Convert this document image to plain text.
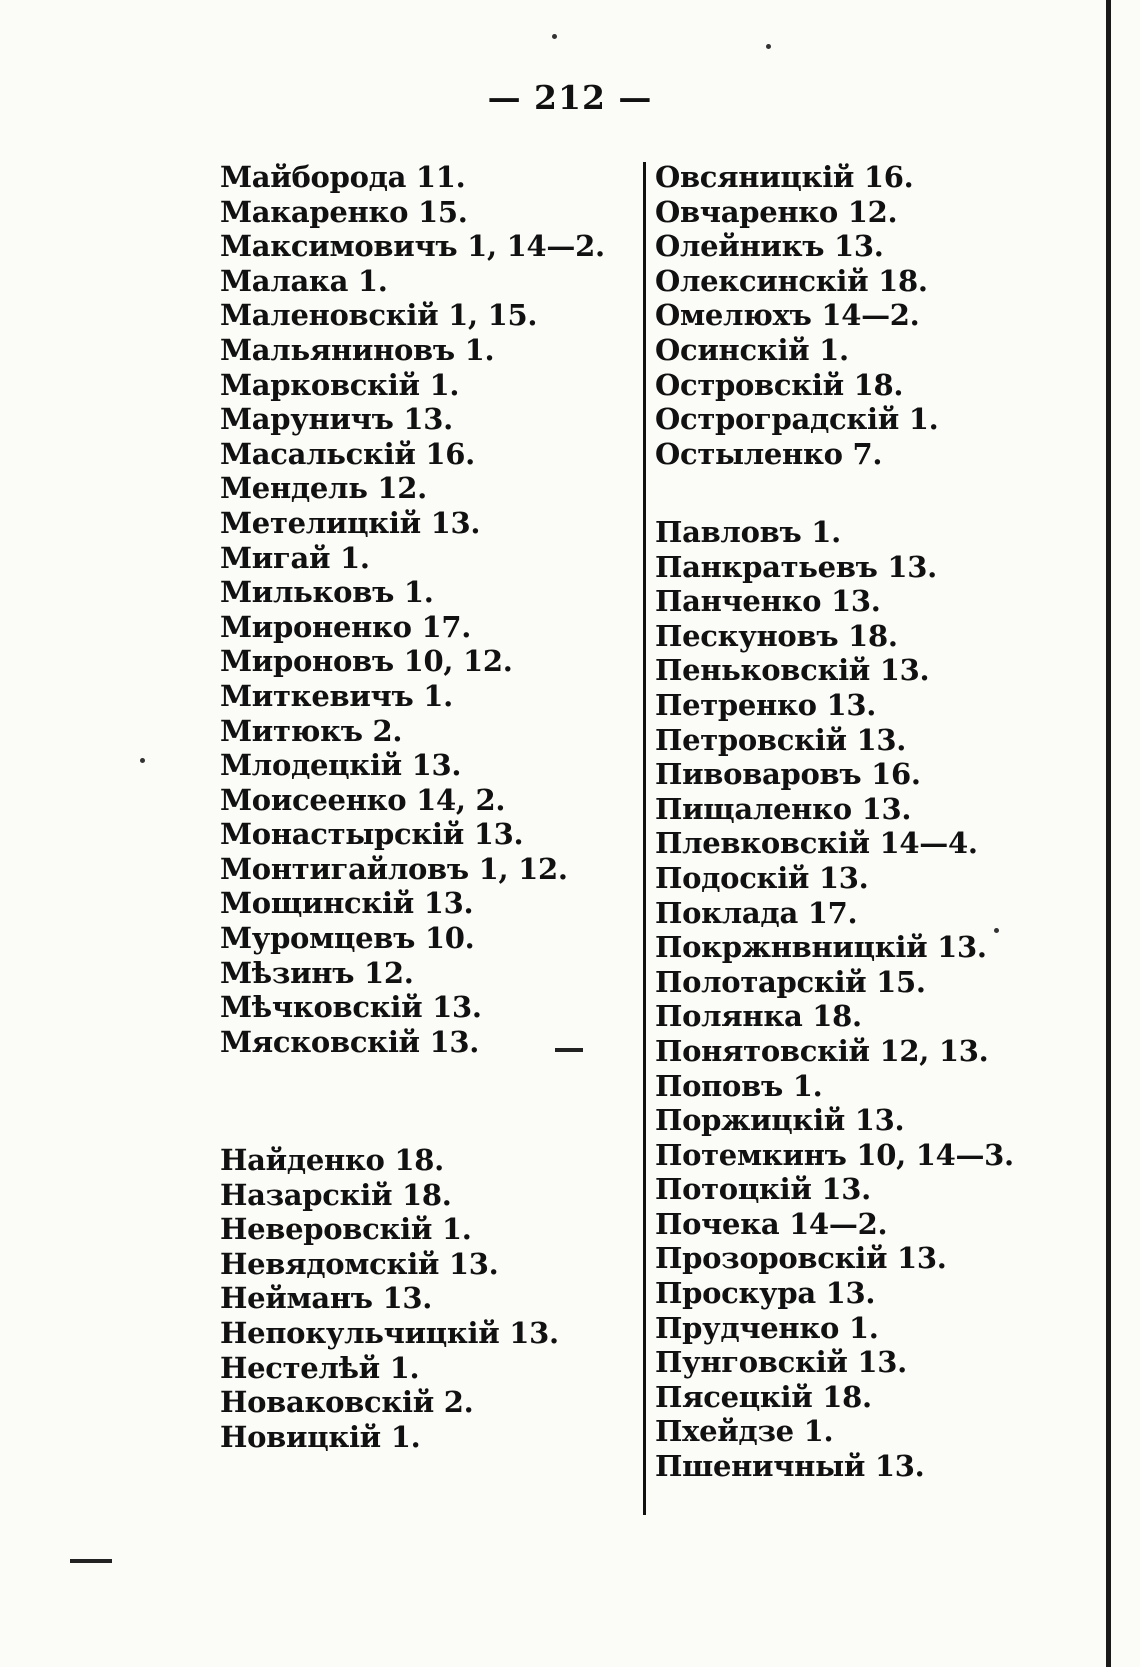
— 212 —
Майборода 11.
Макаренко 15.
Максимовичъ 1, 14—2.
Малака 1.
Маленовскій 1, 15.
Мальяниновъ 1.
Марковскій 1.
Маруничъ 13.
Масальскій 16.
Мендель 12.
Метелицкій 13.
Мигай 1.
Мильковъ 1.
Мироненко 17.
Мироновъ 10, 12.
Миткевичъ 1.
Митюкъ 2.
Млодецкій 13.
Моисеенко 14, 2.
Монастырскій 13.
Монтигайловъ 1, 12.
Мощинскій 13.
Муромцевъ 10.
Мѣзинъ 12.
Мѣчковскій 13.
Мясковскій 13.
Найденко 18.
Назарскій 18.
Неверовскій 1.
Невядомскій 13.
Нейманъ 13.
Непокульчицкій 13.
Нестелѣй 1.
Новаковскій 2.
Новицкій 1.
Овсяницкій 16.
Овчаренко 12.
Олейникъ 13.
Олексинскій 18.
Омелюхъ 14—2.
Осинскій 1.
Островскій 18.
Остроградскій 1.
Остыленко 7.
Павловъ 1.
Панкратьевъ 13.
Панченко 13.
Пескуновъ 18.
Пеньковскій 13.
Петренко 13.
Петровскій 13.
Пивоваровъ 16.
Пищаленко 13.
Плевковскій 14—4.
Подоскій 13.
Поклада 17.
Покржнвницкій 13.
Полотарскій 15.
Полянка 18.
Понятовскій 12, 13.
Поповъ 1.
Поржицкій 13.
Потемкинъ 10, 14—3.
Потоцкій 13.
Почека 14—2.
Прозоровскій 13.
Проскура 13.
Прудченко 1.
Пунговскій 13.
Пясецкій 18.
Пхейдзе 1.
Пшеничный 13.
